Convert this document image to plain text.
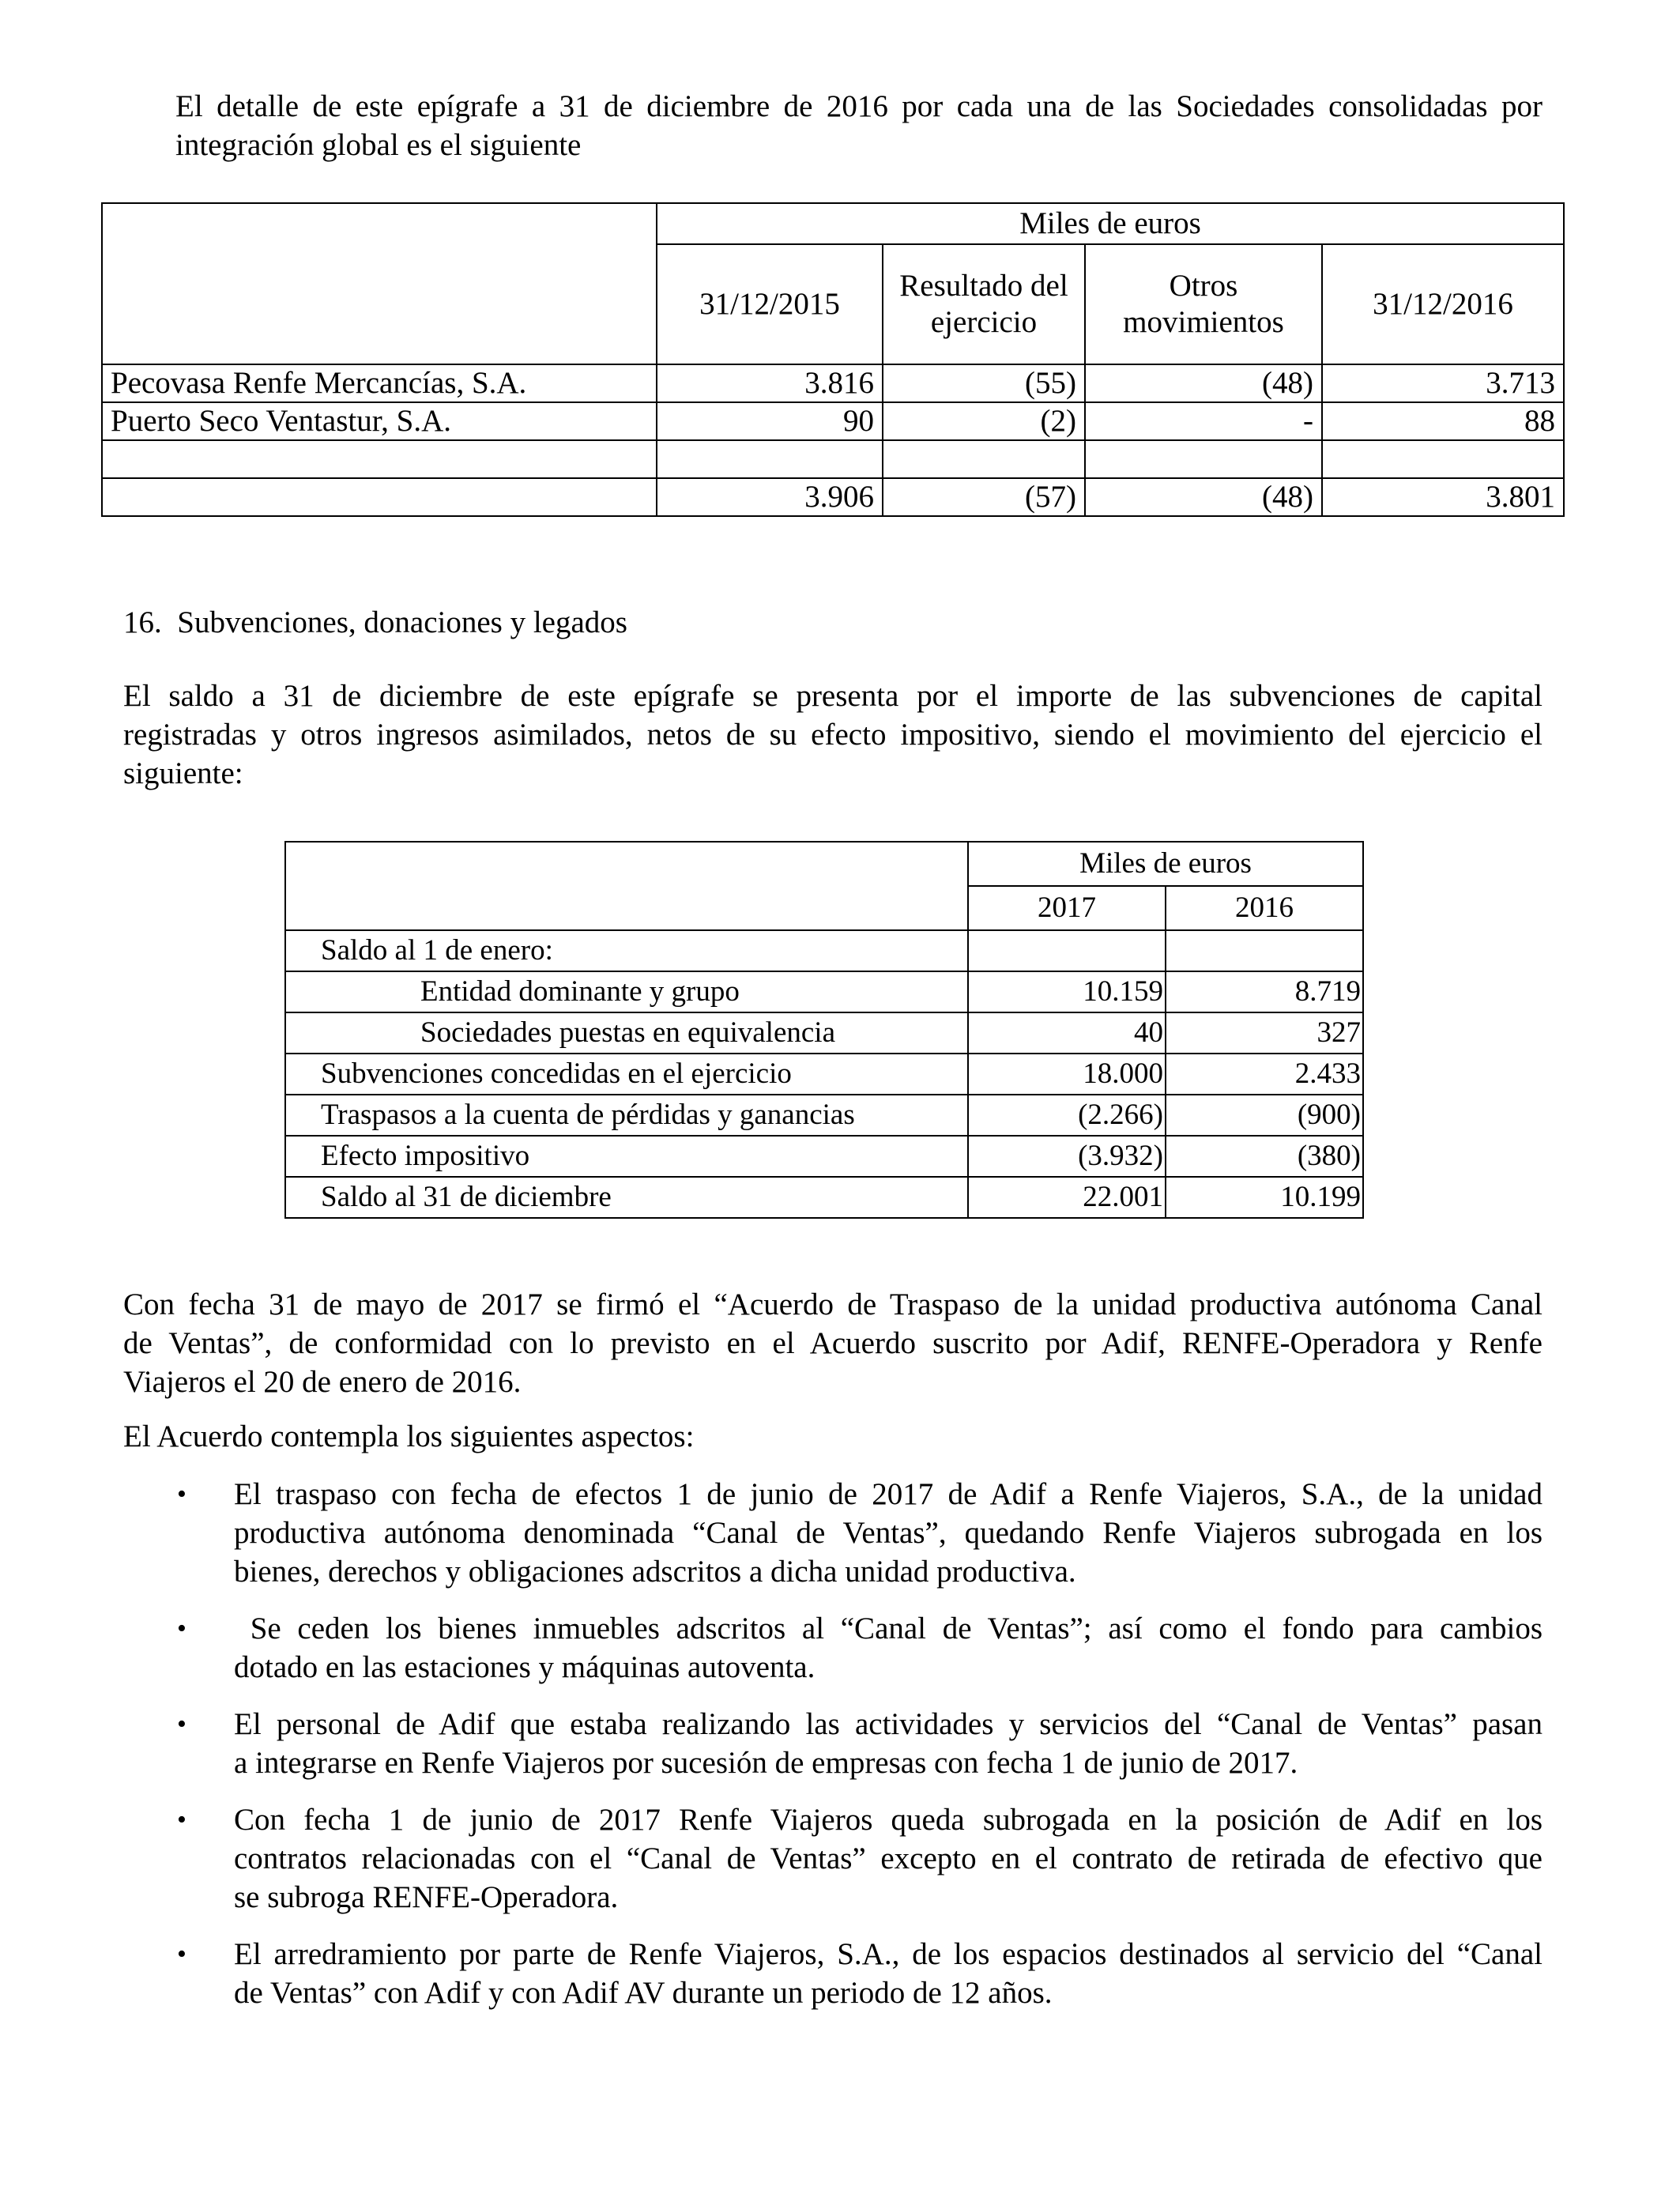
El detalle de este epígrafe a 31 de diciembre de 2016 por cada una de las Sociedades consolidadas por
integración global es el siguiente
	Miles de euros			
	31/12/2015	Resultado del ejercicio	Otros movimientos	31/12/2016
Pecovasa Renfe Mercancías, S.A.	3.816	(55)	(48)	3.713
Puerto Seco Ventastur, S.A.	90	(2)	-	88

	3.906	(57)	(48)	3.801
16.  Subvenciones, donaciones y legados
El saldo a 31 de diciembre de este epígrafe se presenta por el importe de las subvenciones de capital
registradas y otros ingresos asimilados, netos de su efecto impositivo, siendo el movimiento del ejercicio el
siguiente:
	Miles de euros	
	2017	2016
Saldo al 1 de enero:		
Entidad dominante y grupo	10.159	8.719
Sociedades puestas en equivalencia	40	327
Subvenciones concedidas en el ejercicio	18.000	2.433
Traspasos a la cuenta de pérdidas y ganancias	(2.266)	(900)
Efecto impositivo	(3.932)	(380)
Saldo al 31 de diciembre	22.001	10.199
Con fecha 31 de mayo de 2017 se firmó el “Acuerdo de Traspaso de la unidad productiva autónoma Canal
de Ventas”, de conformidad con lo previsto en el Acuerdo suscrito por Adif, RENFE-Operadora y Renfe
Viajeros el 20 de enero de 2016.
El Acuerdo contempla los siguientes aspectos:
• El traspaso con fecha de efectos 1 de junio de 2017 de Adif a Renfe Viajeros, S.A., de la unidad
productiva autónoma denominada “Canal de Ventas”, quedando Renfe Viajeros subrogada en los
bienes, derechos y obligaciones adscritos a dicha unidad productiva.
• Se ceden los bienes inmuebles adscritos al “Canal de Ventas”; así como el fondo para cambios
dotado en las estaciones y máquinas autoventa.
• El personal de Adif que estaba realizando las actividades y servicios del “Canal de Ventas” pasan
a integrarse en Renfe Viajeros por sucesión de empresas con fecha 1 de junio de 2017.
• Con fecha 1 de junio de 2017 Renfe Viajeros queda subrogada en la posición de Adif en los
contratos relacionadas con el “Canal de Ventas” excepto en el contrato de retirada de efectivo que
se subroga RENFE-Operadora.
• El arredramiento por parte de Renfe Viajeros, S.A., de los espacios destinados al servicio del “Canal
de Ventas” con Adif y con Adif AV durante un periodo de 12 años.
